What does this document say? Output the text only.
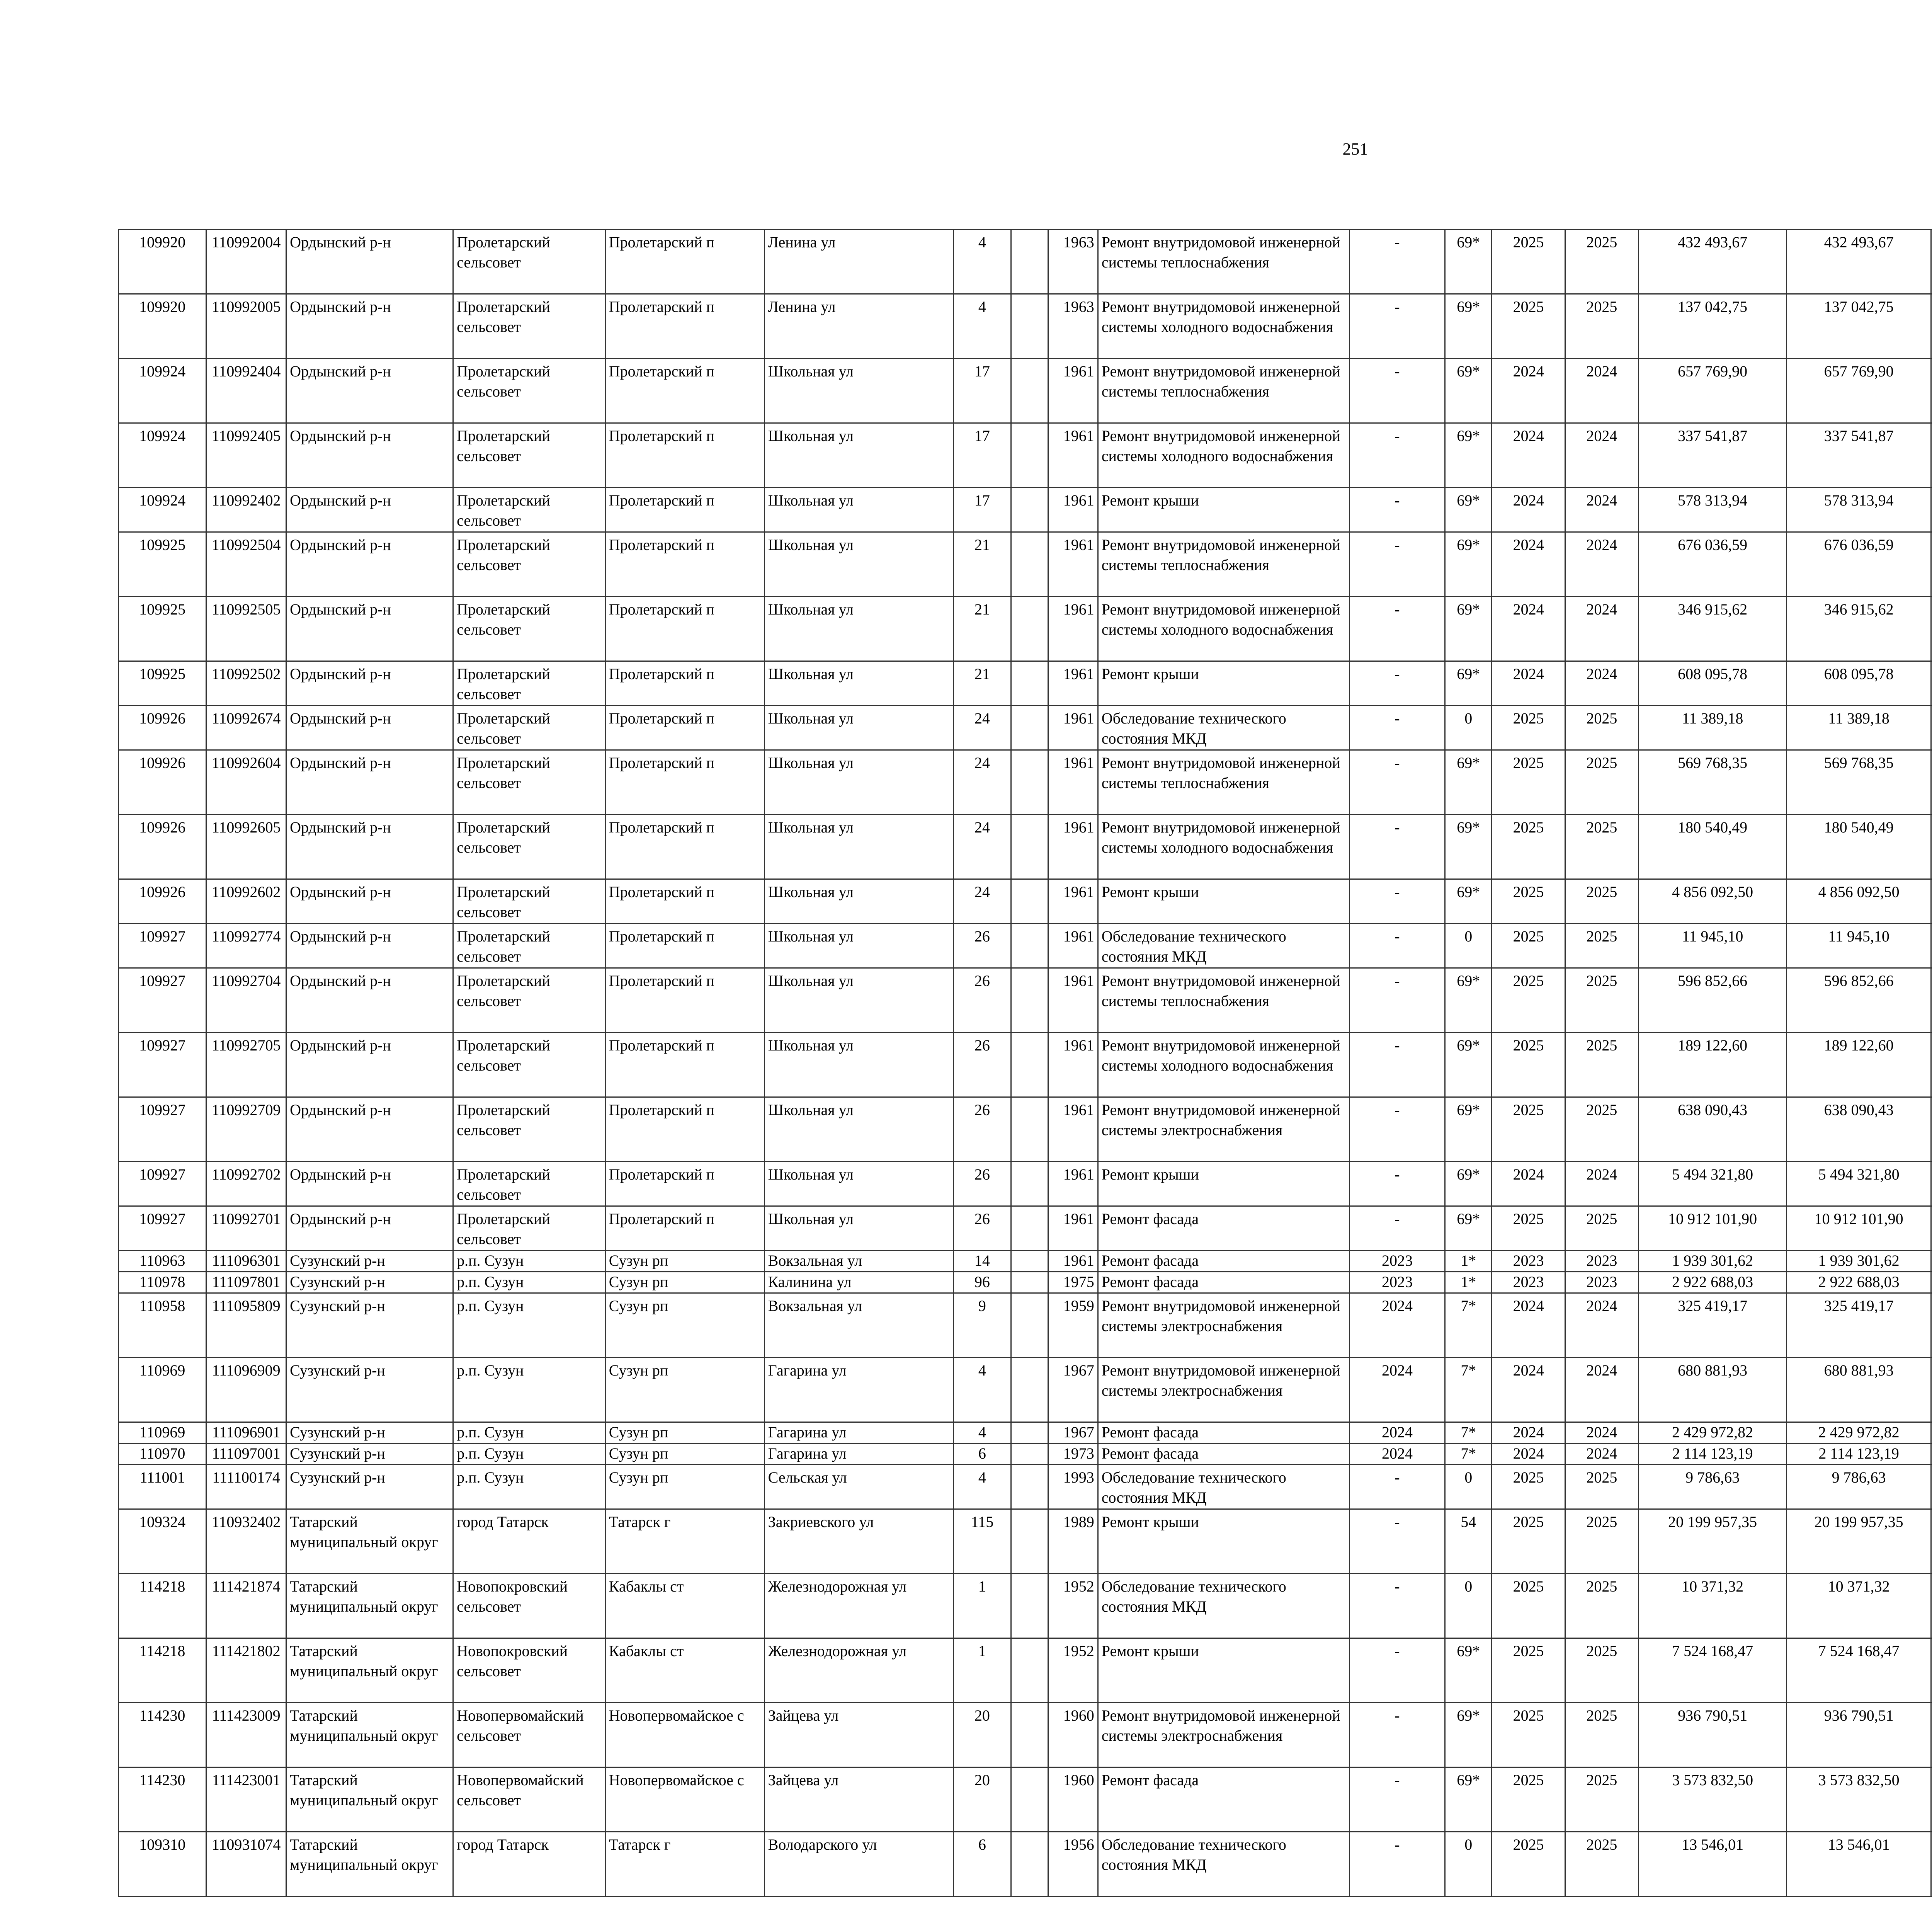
251
109920	110992004	Ордынский р-н	Пролетарский сельсовет	Пролетарский п	Ленина ул	4		1963	Ремонт внутридомовой инженерной системы теплоснабжения	-	69*	2025	2025	432 493,67	432 493,67						
109920	110992005	Ордынский р-н	Пролетарский сельсовет	Пролетарский п	Ленина ул	4		1963	Ремонт внутридомовой инженерной системы холодного водоснабжения	-	69*	2025	2025	137 042,75	137 042,75						
109924	110992404	Ордынский р-н	Пролетарский сельсовет	Пролетарский п	Школьная ул	17		1961	Ремонт внутридомовой инженерной системы теплоснабжения	-	69*	2024	2024	657 769,90	657 769,90						
109924	110992405	Ордынский р-н	Пролетарский сельсовет	Пролетарский п	Школьная ул	17		1961	Ремонт внутридомовой инженерной системы холодного водоснабжения	-	69*	2024	2024	337 541,87	337 541,87						
109924	110992402	Ордынский р-н	Пролетарский сельсовет	Пролетарский п	Школьная ул	17		1961	Ремонт крыши	-	69*	2024	2024	578 313,94	578 313,94						
109925	110992504	Ордынский р-н	Пролетарский сельсовет	Пролетарский п	Школьная ул	21		1961	Ремонт внутридомовой инженерной системы теплоснабжения	-	69*	2024	2024	676 036,59	676 036,59						
109925	110992505	Ордынский р-н	Пролетарский сельсовет	Пролетарский п	Школьная ул	21		1961	Ремонт внутридомовой инженерной системы холодного водоснабжения	-	69*	2024	2024	346 915,62	346 915,62						
109925	110992502	Ордынский р-н	Пролетарский сельсовет	Пролетарский п	Школьная ул	21		1961	Ремонт крыши	-	69*	2024	2024	608 095,78	608 095,78						
109926	110992674	Ордынский р-н	Пролетарский сельсовет	Пролетарский п	Школьная ул	24		1961	Обследование технического состояния МКД	-	0	2025	2025	11 389,18	11 389,18						
109926	110992604	Ордынский р-н	Пролетарский сельсовет	Пролетарский п	Школьная ул	24		1961	Ремонт внутридомовой инженерной системы теплоснабжения	-	69*	2025	2025	569 768,35	569 768,35						
109926	110992605	Ордынский р-н	Пролетарский сельсовет	Пролетарский п	Школьная ул	24		1961	Ремонт внутридомовой инженерной системы холодного водоснабжения	-	69*	2025	2025	180 540,49	180 540,49						
109926	110992602	Ордынский р-н	Пролетарский сельсовет	Пролетарский п	Школьная ул	24		1961	Ремонт крыши	-	69*	2025	2025	4 856 092,50	4 856 092,50						
109927	110992774	Ордынский р-н	Пролетарский сельсовет	Пролетарский п	Школьная ул	26		1961	Обследование технического состояния МКД	-	0	2025	2025	11 945,10	11 945,10						
109927	110992704	Ордынский р-н	Пролетарский сельсовет	Пролетарский п	Школьная ул	26		1961	Ремонт внутридомовой инженерной системы теплоснабжения	-	69*	2025	2025	596 852,66	596 852,66						
109927	110992705	Ордынский р-н	Пролетарский сельсовет	Пролетарский п	Школьная ул	26		1961	Ремонт внутридомовой инженерной системы холодного водоснабжения	-	69*	2025	2025	189 122,60	189 122,60						
109927	110992709	Ордынский р-н	Пролетарский сельсовет	Пролетарский п	Школьная ул	26		1961	Ремонт внутридомовой инженерной системы электроснабжения	-	69*	2025	2025	638 090,43	638 090,43						
109927	110992702	Ордынский р-н	Пролетарский сельсовет	Пролетарский п	Школьная ул	26		1961	Ремонт крыши	-	69*	2024	2024	5 494 321,80	5 494 321,80						
109927	110992701	Ордынский р-н	Пролетарский сельсовет	Пролетарский п	Школьная ул	26		1961	Ремонт фасада	-	69*	2025	2025	10 912 101,90	10 912 101,90						
110963	111096301	Сузунский р-н	р.п. Сузун	Сузун рп	Вокзальная ул	14		1961	Ремонт фасада	2023	1*	2023	2023	1 939 301,62	1 939 301,62						
110978	111097801	Сузунский р-н	р.п. Сузун	Сузун рп	Калинина ул	96		1975	Ремонт фасада	2023	1*	2023	2023	2 922 688,03	2 922 688,03						
110958	111095809	Сузунский р-н	р.п. Сузун	Сузун рп	Вокзальная ул	9		1959	Ремонт внутридомовой инженерной системы электроснабжения	2024	7*	2024	2024	325 419,17	325 419,17						
110969	111096909	Сузунский р-н	р.п. Сузун	Сузун рп	Гагарина ул	4		1967	Ремонт внутридомовой инженерной системы электроснабжения	2024	7*	2024	2024	680 881,93	680 881,93						
110969	111096901	Сузунский р-н	р.п. Сузун	Сузун рп	Гагарина ул	4		1967	Ремонт фасада	2024	7*	2024	2024	2 429 972,82	2 429 972,82						
110970	111097001	Сузунский р-н	р.п. Сузун	Сузун рп	Гагарина ул	6		1973	Ремонт фасада	2024	7*	2024	2024	2 114 123,19	2 114 123,19						
111001	111100174	Сузунский р-н	р.п. Сузун	Сузун рп	Сельская ул	4		1993	Обследование технического состояния МКД	-	0	2025	2025	9 786,63	9 786,63						
109324	110932402	Татарский муниципальный округ	город Татарск	Татарск г	Закриевского ул	115		1989	Ремонт крыши	-	54	2025	2025	20 199 957,35	20 199 957,35						
114218	111421874	Татарский муниципальный округ	Новопокровский сельсовет	Кабаклы ст	Железнодорожная ул	1		1952	Обследование технического состояния МКД	-	0	2025	2025	10 371,32	10 371,32						
114218	111421802	Татарский муниципальный округ	Новопокровский сельсовет	Кабаклы ст	Железнодорожная ул	1		1952	Ремонт крыши	-	69*	2025	2025	7 524 168,47	7 524 168,47						
114230	111423009	Татарский муниципальный округ	Новопервомайский сельсовет	Новопервомайское с	Зайцева ул	20		1960	Ремонт внутридомовой инженерной системы электроснабжения	-	69*	2025	2025	936 790,51	936 790,51						
114230	111423001	Татарский муниципальный округ	Новопервомайский сельсовет	Новопервомайское с	Зайцева ул	20		1960	Ремонт фасада	-	69*	2025	2025	3 573 832,50	3 573 832,50						
109310	110931074	Татарский муниципальный округ	город Татарск	Татарск г	Володарского ул	6		1956	Обследование технического состояния МКД	-	0	2025	2025	13 546,01	13 546,01						
